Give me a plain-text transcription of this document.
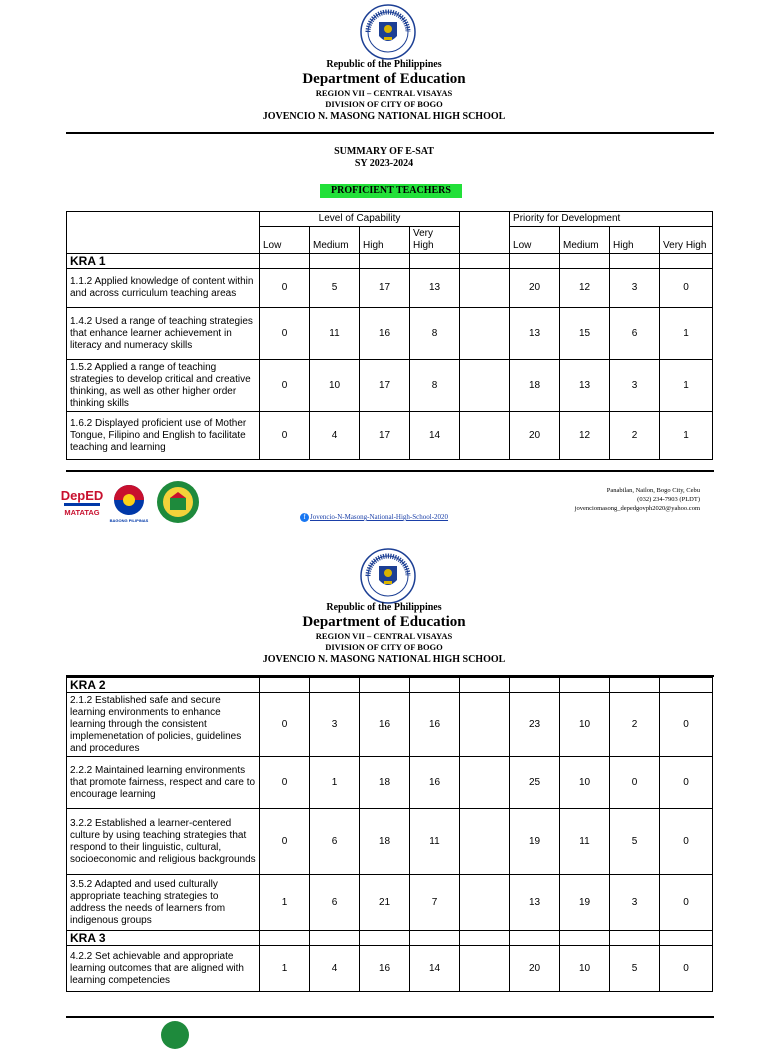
Republic of the Philippines
Department of Education
REGION VII – CENTRAL VISAYAS
DIVISION OF CITY OF BOGO
JOVENCIO N. MASONG NATIONAL HIGH SCHOOL
SUMMARY OF E-SAT
SY 2023-2024
PROFICIENT TEACHERS
	Level of Capability					Priority for Development			
	Low	Medium	High	Very High		Low	Medium	High	Very High
KRA 1									
1.1.2 Applied knowledge of content within and across curriculum teaching areas	0	5	17	13		20	12	3	0
1.4.2 Used a range of teaching strategies that enhance learner achievement in literacy and numeracy skills	0	11	16	8		13	15	6	1
1.5.2 Applied a range of teaching strategies to develop critical and creative thinking, as well as other higher order thinking skills	0	10	17	8		18	13	3	1
1.6.2 Displayed proficient use of Mother Tongue, Filipino and English to facilitate teaching and learning	0	4	17	14		20	12	2	1
DepED
MATATAG
BAGONG PILIPINAS
Panabilan, Nailon, Bogo City, Cebu
(032) 234-7903 (PLDT)
jovenciomasong_depedgovph2020@yahoo.com
f Jovencio-N-Masong-National-High-School-2020
Republic of the Philippines
Department of Education
REGION VII – CENTRAL VISAYAS
DIVISION OF CITY OF BOGO
JOVENCIO N. MASONG NATIONAL HIGH SCHOOL
KRA 2									
2.1.2 Established safe and secure learning environments to enhance learning through the consistent implemenetation of policies, guidelines and procedures	0	3	16	16		23	10	2	0
2.2.2 Maintained learning environments that promote fairness, respect and care to encourage learning	0	1	18	16		25	10	0	0
3.2.2 Established a learner-centered culture by using teaching strategies that respond to their linguistic, cultural, socioeconomic and religious backgrounds	0	6	18	11		19	11	5	0
3.5.2 Adapted and used culturally appropriate teaching strategies to address the needs of learners from indigenous groups	1	6	21	7		13	19	3	0
KRA 3									
4.2.2 Set achievable and appropriate learning outcomes that are aligned with learning competencies	1	4	16	14		20	10	5	0
